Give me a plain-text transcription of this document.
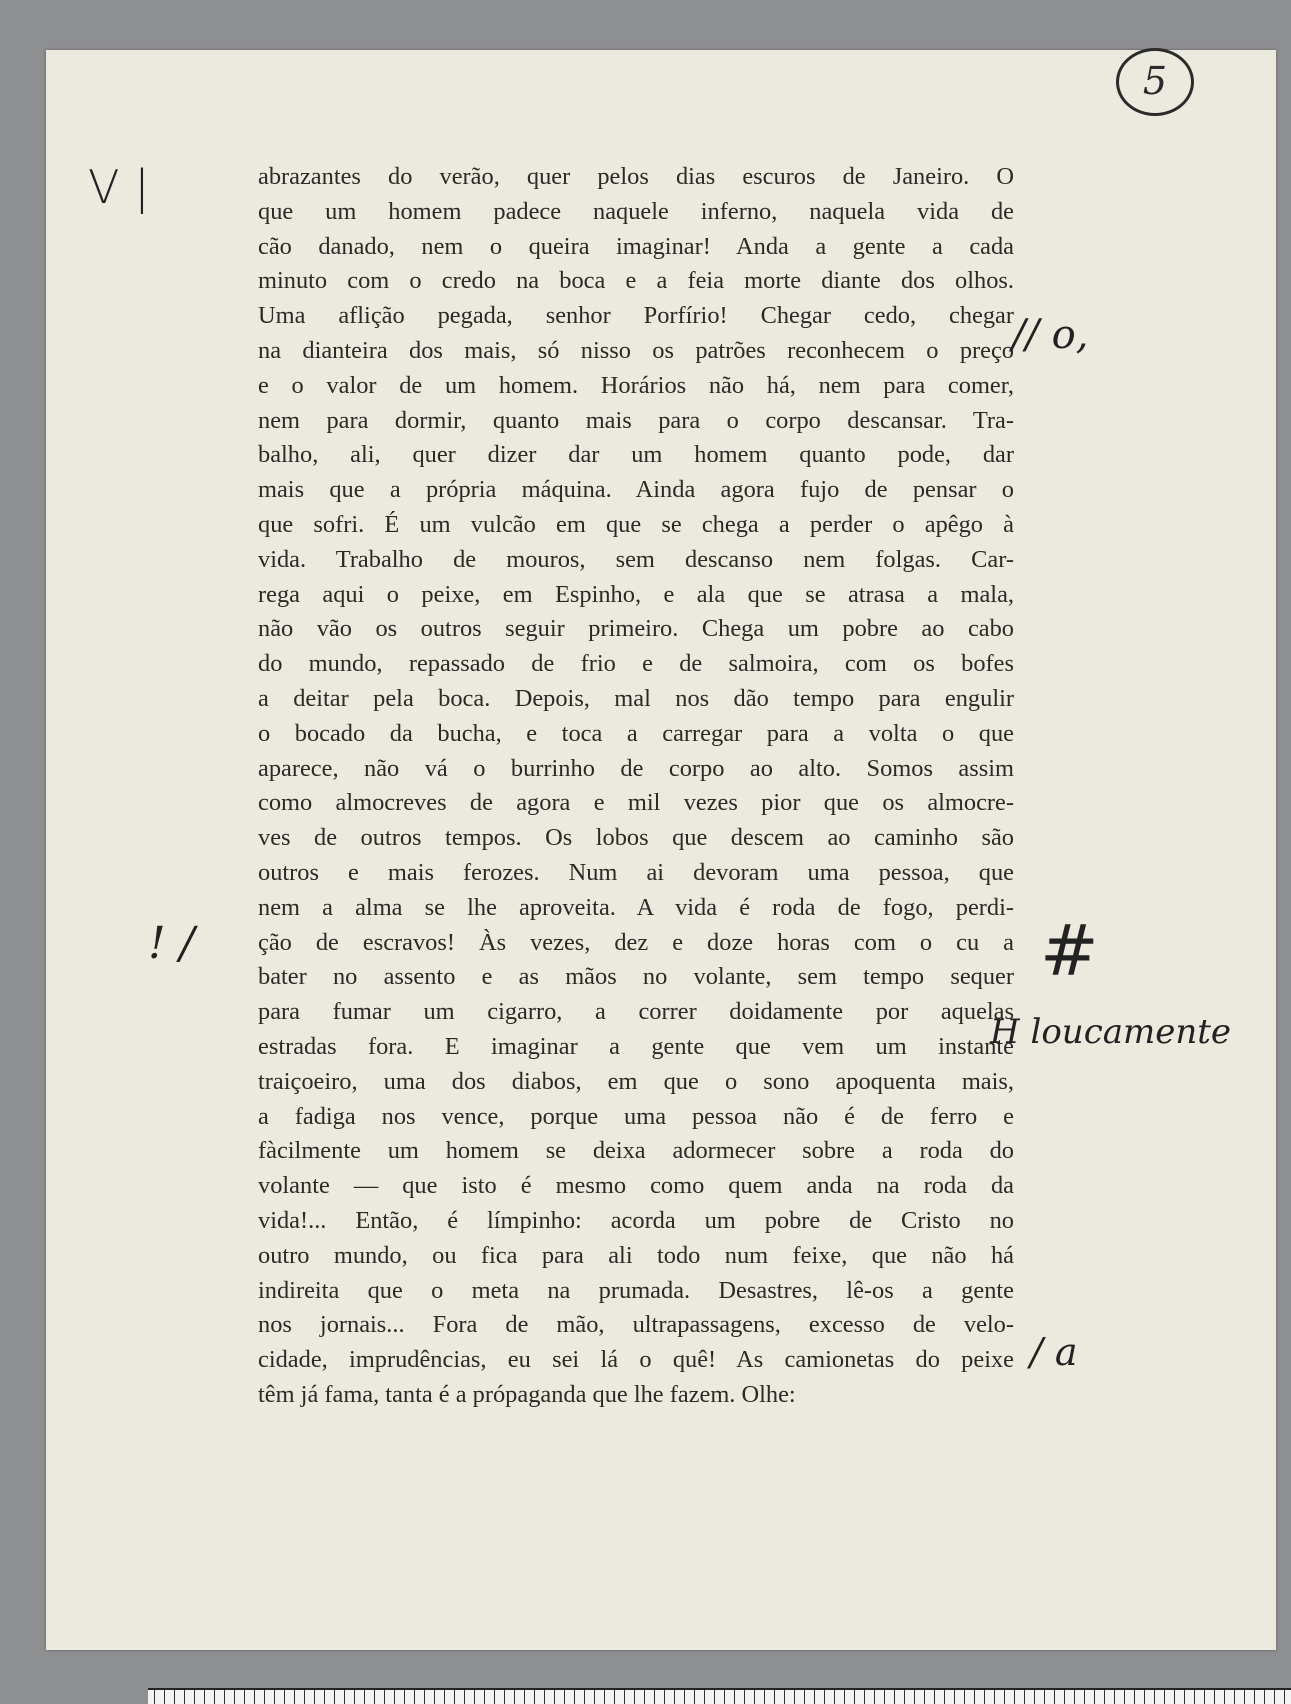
5
abrazantes do verão, quer pelos dias escuros de Janeiro. O
que um homem padece naquele inferno, naquela vida de
cão danado, nem o queira imaginar! Anda a gente a cada
minuto com o credo na boca e a feia morte diante dos olhos.
Uma aflição pegada, senhor Porfírio! Chegar cedo, chegar
na dianteira dos mais, só nisso os patrões reconhecem o preço
e o valor de um homem. Horários não há, nem para comer,
nem para dormir, quanto mais para o corpo descansar. Tra-
balho, ali, quer dizer dar um homem quanto pode, dar
mais que a própria máquina. Ainda agora fujo de pensar o
que sofri. É um vulcão em que se chega a perder o apêgo à
vida. Trabalho de mouros, sem descanso nem folgas. Car-
rega aqui o peixe, em Espinho, e ala que se atrasa a mala,
não vão os outros seguir primeiro. Chega um pobre ao cabo
do mundo, repassado de frio e de salmoira, com os bofes
a deitar pela boca. Depois, mal nos dão tempo para engulir
o bocado da bucha, e toca a carregar para a volta o que
aparece, não vá o burrinho de corpo ao alto. Somos assim
como almocreves de agora e mil vezes pior que os almocre-
ves de outros tempos. Os lobos que descem ao caminho são
outros e mais ferozes. Num ai devoram uma pessoa, que
nem a alma se lhe aproveita. A vida é roda de fogo, perdi-
ção de escravos! Às vezes, dez e doze horas com o cu a
bater no assento e as mãos no volante, sem tempo sequer
para fumar um cigarro, a correr doidamente por aquelas
estradas fora. E imaginar a gente que vem um instante
traiçoeiro, uma dos diabos, em que o sono apoquenta mais,
a fadiga nos vence, porque uma pessoa não é de ferro e
fàcilmente um homem se deixa adormecer sobre a roda do
volante — que isto é mesmo como quem anda na roda da
vida!... Então, é límpinho: acorda um pobre de Cristo no
outro mundo, ou fica para ali todo num feixe, que não há
indireita que o meta na prumada. Desastres, lê-os a gente
nos jornais... Fora de mão, ultrapassagens, excesso de velo-
cidade, imprudências, eu sei lá o quê! As camionetas do peixe
têm já fama, tanta é a própaganda que lhe fazem. Olhe:
V |
! /
// o,
#
H loucamente
/ a
